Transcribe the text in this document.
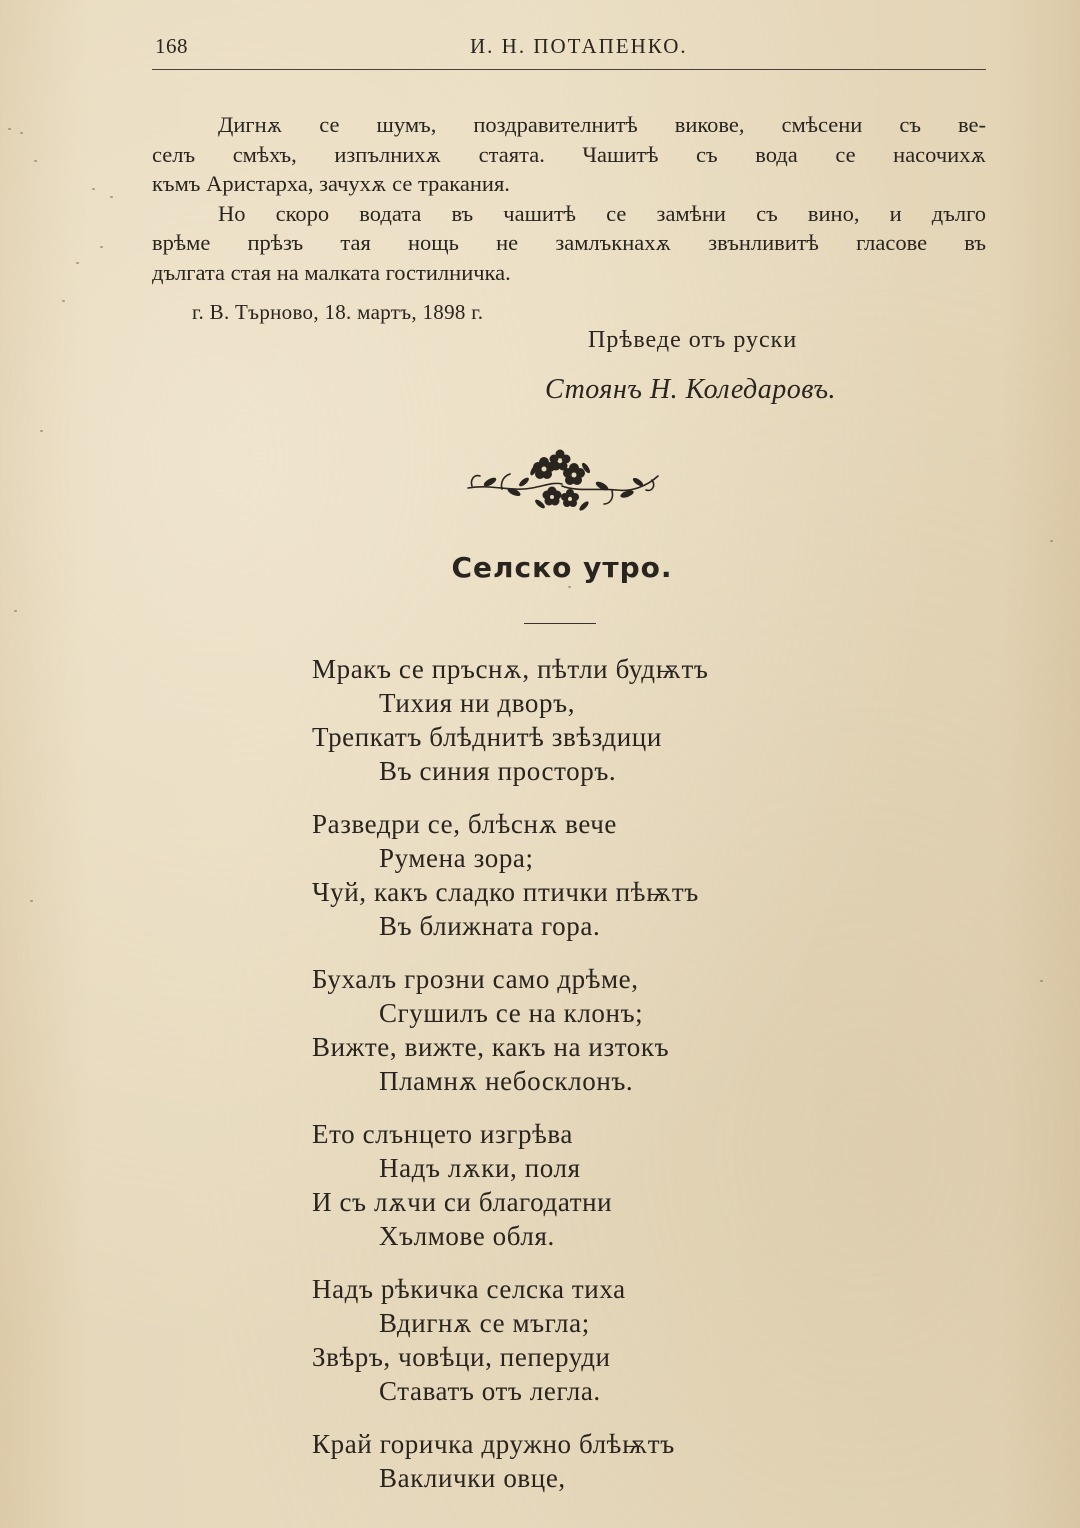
168	И. Н. ПОТАПЕНКО.
Дигнѫ се шумъ, поздравителнитѣ викове, смѣсени съ ве-
селъ смѣхъ, изпълнихѫ стаята. Чашитѣ съ вода се насочихѫ
къмъ Аристарха, зачухѫ се тракания.
Но скоро водата въ чашитѣ се замѣни съ вино, и дълго
врѣме прѣзъ тая нощь не замлъкнахѫ звънливитѣ гласове въ
дългата стая на малката гостилничка.
г. В. Търново, 18. мартъ, 1898 г.
Прѣведе отъ руски
Стоянъ Н. Коледаровъ.
Селско утро.
Мракъ се пръснѫ, пѣтли будѭтъ
Тихия ни дворъ,
Трепкатъ блѣднитѣ звѣздици
Въ синия просторъ.
Разведри се, блѣснѫ вече
Румена зора;
Чуй, какъ сладко птички пѣѭтъ
Въ ближната гора.
Бухалъ грозни само дрѣме,
Сгушилъ се на клонъ;
Вижте, вижте, какъ на изтокъ
Пламнѫ небосклонъ.
Ето слънцето изгрѣва
Надъ лѫки, поля
И съ лѫчи си благодатни
Хълмове обля.
Надъ рѣкичка селска тиха
Вдигнѫ се мъгла;
Звѣръ, човѣци, пеперуди
Ставатъ отъ легла.
Край горичка дружно блѣѭтъ
Ваклички овце,
